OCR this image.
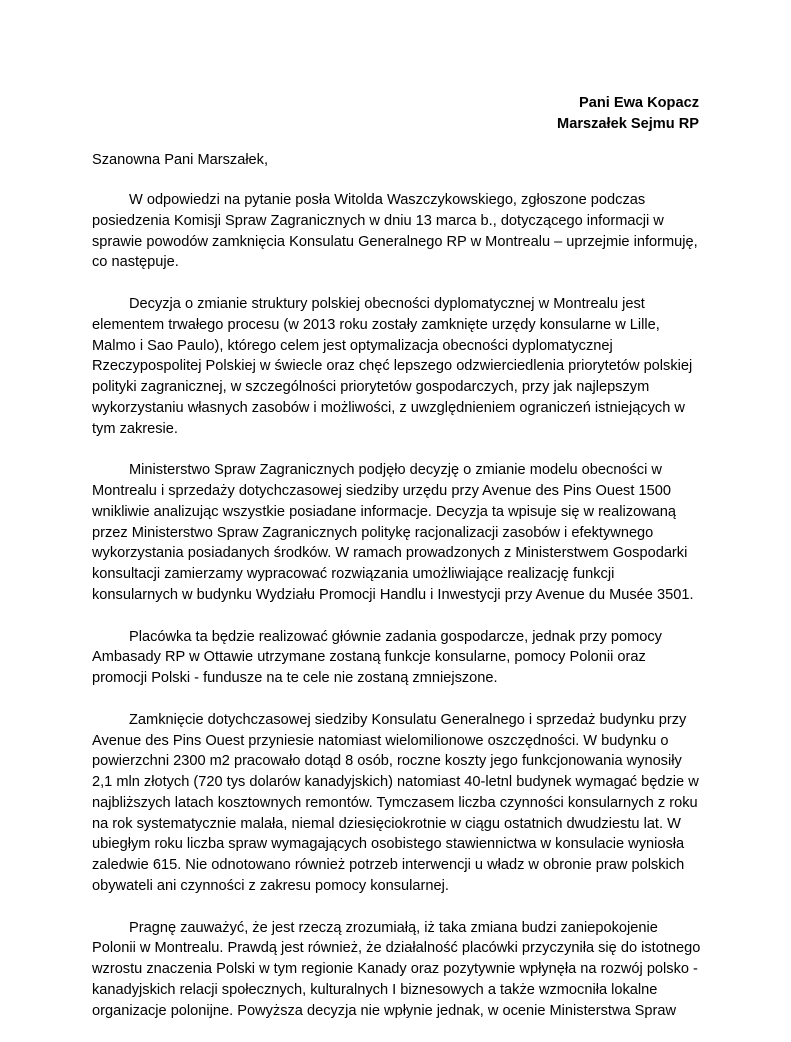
Pani Ewa Kopacz
Marszałek Sejmu RP
Szanowna Pani Marszałek,

W odpowiedzi na pytanie posła Witolda Waszczykowskiego, zgłoszone podczas posiedzenia Komisji Spraw Zagranicznych w dniu 13 marca b., dotyczącego informacji w sprawie powodów zamknięcia Konsulatu Generalnego RP w Montrealu – uprzejmie informuję, co następuje.

Decyzja o zmianie struktury polskiej obecności dyplomatycznej w Montrealu jest elementem trwałego procesu (w 2013 roku zostały zamknięte urzędy konsularne w Lille, Malmo i Sao Paulo), którego celem jest optymalizacja obecności dyplomatycznej Rzeczypospolitej Polskiej w świecle oraz chęć lepszego odzwierciedlenia priorytetów polskiej polityki zagranicznej, w szczególności priorytetów gospodarczych, przy jak najlepszym wykorzystaniu własnych zasobów i możliwości, z uwzględnieniem ograniczeń istniejących w tym zakresie.

Ministerstwo Spraw Zagranicznych podjęło decyzję o zmianie modelu obecności w Montrealu i sprzedaży dotychczasowej siedziby urzędu przy Avenue des Pins Ouest 1500 wnikliwie analizując wszystkie posiadane informacje. Decyzja ta wpisuje się w realizowaną przez Ministerstwo Spraw Zagranicznych politykę racjonalizacji zasobów i efektywnego wykorzystania posiadanych środków. W ramach prowadzonych z Ministerstwem Gospodarki konsultacji zamierzamy wypracować rozwiązania umożliwiające realizację funkcji konsularnych w budynku Wydziału Promocji Handlu i Inwestycji przy Avenue du Musée 3501.

Placówka ta będzie realizować głównie zadania gospodarcze, jednak przy pomocy Ambasady RP w Ottawie utrzymane zostaną funkcje konsularne, pomocy Polonii oraz promocji Polski - fundusze na te cele nie zostaną zmniejszone.

Zamknięcie dotychczasowej siedziby Konsulatu Generalnego i sprzedaż budynku przy Avenue des Pins Ouest przyniesie natomiast wielomilionowe oszczędności. W budynku o powierzchni 2300 m2 pracowało dotąd 8 osób, roczne koszty jego funkcjonowania wynosiły 2,1 mln złotych (720 tys dolarów kanadyjskich) natomiast 40-letnl budynek wymagać będzie w najbliższych latach kosztownych remontów. Tymczasem liczba czynności konsularnych z roku na rok systematycznie malała, niemal dziesięciokrotnie w ciągu ostatnich dwudziestu lat. W ubiegłym roku liczba spraw wymagających osobistego stawiennictwa w konsulacie wyniosła zaledwie 615. Nie odnotowano również potrzeb interwencji u władz w obronie praw polskich obywateli ani czynności z zakresu pomocy konsularnej.

Pragnę zauważyć, że jest rzeczą zrozumiałą, iż taka zmiana budzi zaniepokojenie Polonii w Montrealu. Prawdą jest również, że działalność placówki przyczyniła się do istotnego wzrostu znaczenia Polski w tym regionie Kanady oraz pozytywnie wpłynęła na rozwój polsko - kanadyjskich relacji społecznych, kulturalnych I biznesowych a także wzmocniła lokalne organizacje polonijne. Powyższa decyzja nie wpłynie jednak, w ocenie Ministerstwa Spraw
